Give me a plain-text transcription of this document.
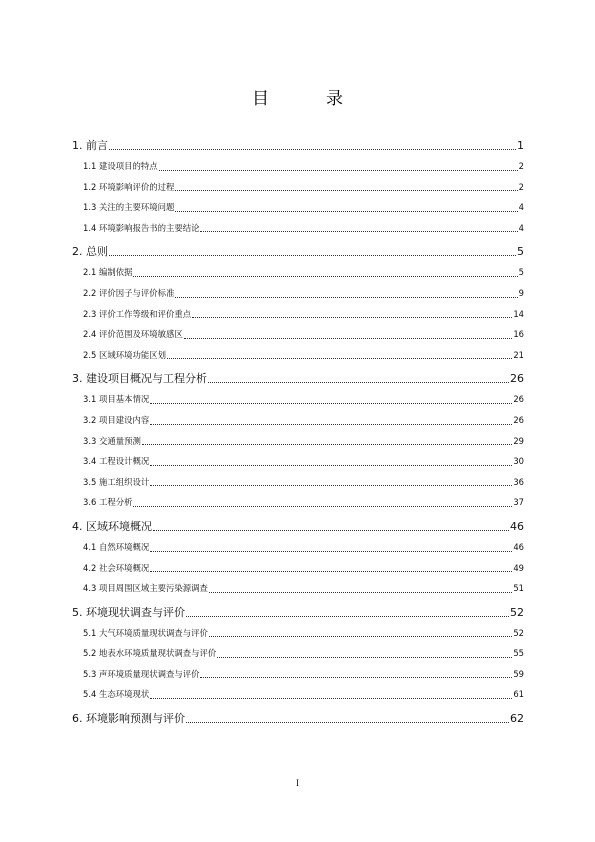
目　录
1. 前言	1
1.1 建设项目的特点	2
1.2 环境影响评价的过程	2
1.3 关注的主要环境问题	4
1.4 环境影响报告书的主要结论	4
2. 总则	5
2.1 编制依据	5
2.2 评价因子与评价标准	9
2.3 评价工作等级和评价重点	14
2.4 评价范围及环境敏感区	16
2.5 区域环境功能区划	21
3. 建设项目概况与工程分析	26
3.1 项目基本情况	26
3.2 项目建设内容	26
3.3 交通量预测	29
3.4 工程设计概况	30
3.5 施工组织设计	36
3.6 工程分析	37
4. 区域环境概况	46
4.1 自然环境概况	46
4.2 社会环境概况	49
4.3 项目周围区域主要污染源调查	51
5. 环境现状调查与评价	52
5.1 大气环境质量现状调查与评价	52
5.2 地表水环境质量现状调查与评价	55
5.3 声环境质量现状调查与评价	59
5.4 生态环境现状	61
6. 环境影响预测与评价	62
I
